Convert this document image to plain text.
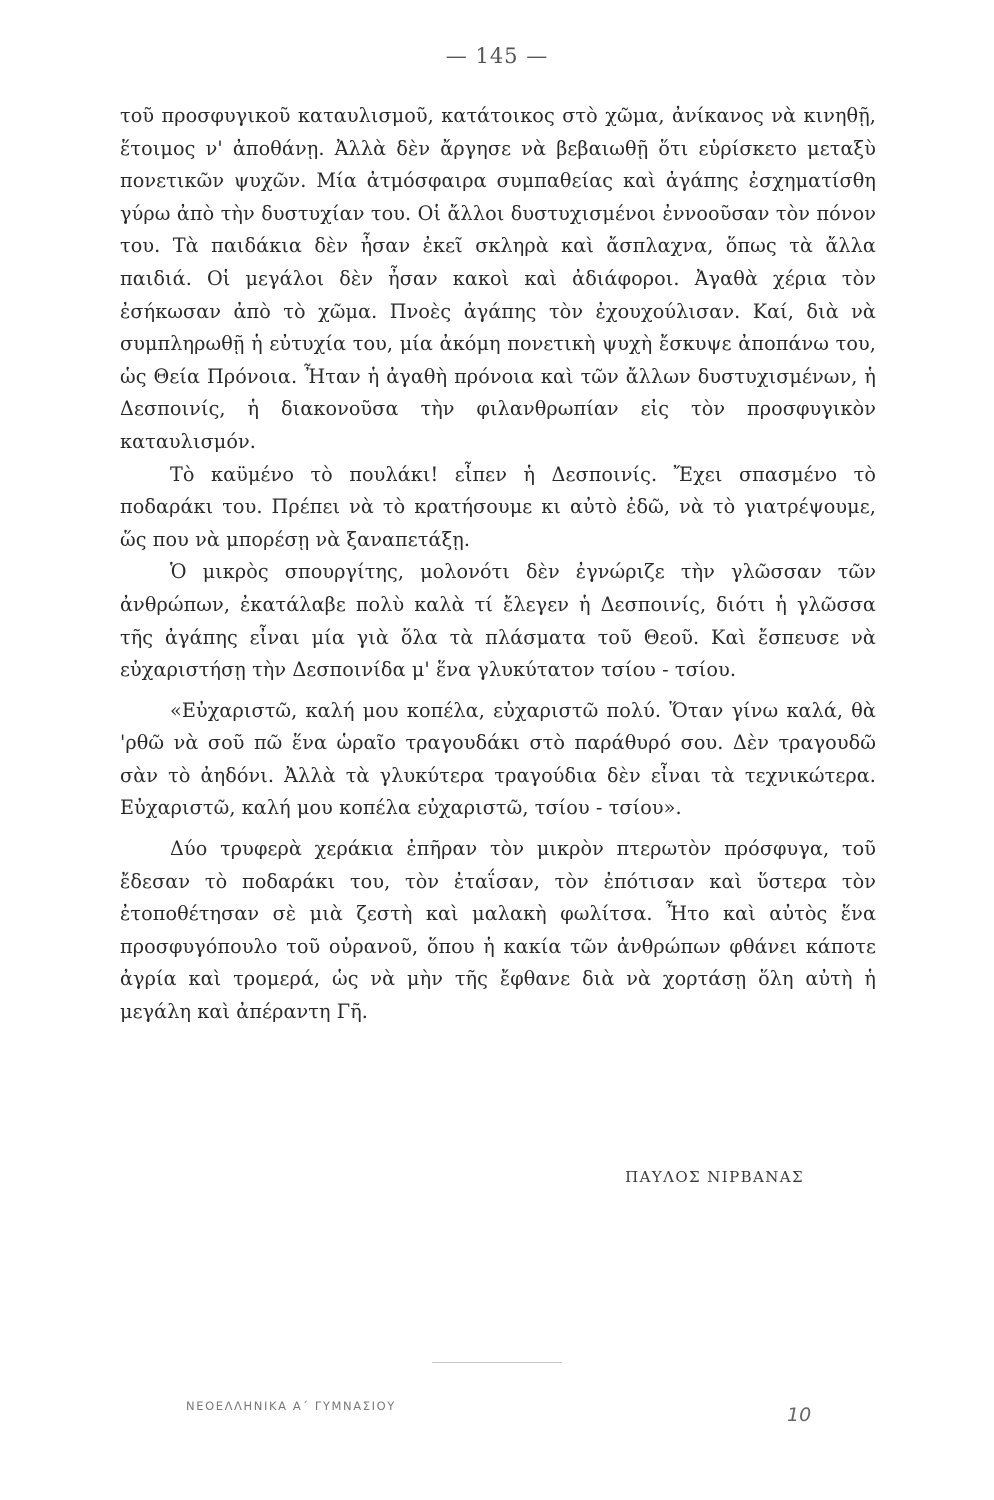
— 145 —

τοῦ προσφυγικοῦ καταυλισμοῦ, κατάτοικος στὸ χῶμα, ἀνίκανος νὰ κινηθῇ, ἕτοιμος ν' ἀποθάνῃ. Ἀλλὰ δὲν ἄργησε νὰ βεβαιωθῇ ὅτι εὑρίσκετο μεταξὺ πονετικῶν ψυχῶν. Μία ἀτμόσφαιρα συμπαθείας καὶ ἀγάπης ἐσχηματίσθη γύρω ἀπὸ τὴν δυστυχίαν του. Οἱ ἄλλοι δυστυχισμένοι ἐννοοῦσαν τὸν πόνον του. Τὰ παιδάκια δὲν ἦσαν ἐκεῖ σκληρὰ καὶ ἄσπλαχνα, ὅπως τὰ ἄλλα παιδιά. Οἱ μεγάλοι δὲν ἦσαν κακοὶ καὶ ἀδιάφοροι. Ἀγαθὰ χέρια τὸν ἐσήκωσαν ἀπὸ τὸ χῶμα. Πνοὲς ἀγάπης τὸν ἐχουχούλισαν. Καί, διὰ νὰ συμπληρωθῇ ἡ εὐτυχία του, μία ἀκόμη πονετικὴ ψυχὴ ἔσκυψε ἀποπάνω του, ὡς Θεία Πρόνοια. Ἦταν ἡ ἀγαθὴ πρόνοια καὶ τῶν ἄλλων δυστυχισμένων, ἡ Δεσποινίς, ἡ διακονοῦσα τὴν φιλανθρωπίαν εἰς τὸν προσφυγικὸν καταυλισμόν.

Τὸ καϋμένο τὸ πουλάκι! εἶπεν ἡ Δεσποινίς. Ἔχει σπασμένο τὸ ποδαράκι του. Πρέπει νὰ τὸ κρατήσουμε κι αὐτὸ ἐδῶ, νὰ τὸ γιατρέψουμε, ὥς που νὰ μπορέσῃ νὰ ξαναπετάξῃ.

Ὁ μικρὸς σπουργίτης, μολονότι δὲν ἐγνώριζε τὴν γλῶσσαν τῶν ἀνθρώπων, ἐκατάλαβε πολὺ καλὰ τί ἔλεγεν ἡ Δεσποινίς, διότι ἡ γλῶσσα τῆς ἀγάπης εἶναι μία γιὰ ὅλα τὰ πλάσματα τοῦ Θεοῦ. Καὶ ἔσπευσε νὰ εὐχαριστήσῃ τὴν Δεσποινίδα μ' ἕνα γλυκύτατον τσίου - τσίου.

«Εὐχαριστῶ, καλή μου κοπέλα, εὐχαριστῶ πολύ. Ὅταν γίνω καλά, θὰ 'ρθῶ νὰ σοῦ πῶ ἕνα ὡραῖο τραγουδάκι στὸ παράθυρό σου. Δὲν τραγουδῶ σὰν τὸ ἀηδόνι. Ἀλλὰ τὰ γλυκύτερα τραγούδια δὲν εἶναι τὰ τεχνικώτερα. Εὐχαριστῶ, καλή μου κοπέλα εὐχαριστῶ, τσίου - τσίου».

Δύο τρυφερὰ χεράκια ἐπῆραν τὸν μικρὸν πτερωτὸν πρόσφυγα, τοῦ ἔδεσαν τὸ ποδαράκι του, τὸν ἐταΐσαν, τὸν ἐπότισαν καὶ ὕστερα τὸν ἐτοποθέτησαν σὲ μιὰ ζεστὴ καὶ μαλακὴ φωλίτσα. Ἦτο καὶ αὐτὸς ἕνα προσφυγόπουλο τοῦ οὐρανοῦ, ὅπου ἡ κακία τῶν ἀνθρώπων φθάνει κάποτε ἀγρία καὶ τρομερά, ὡς νὰ μὴν τῆς ἔφθανε διὰ νὰ χορτάσῃ ὅλη αὐτὴ ἡ μεγάλη καὶ ἀπέραντη Γῆ.

ΠΑΥΛΟΣ ΝΙΡΒΑΝΑΣ
ΝΕΟΕΛΛΗΝΙΚΑ Α΄ ΓΥΜΝΑΣΙΟΥ	10
